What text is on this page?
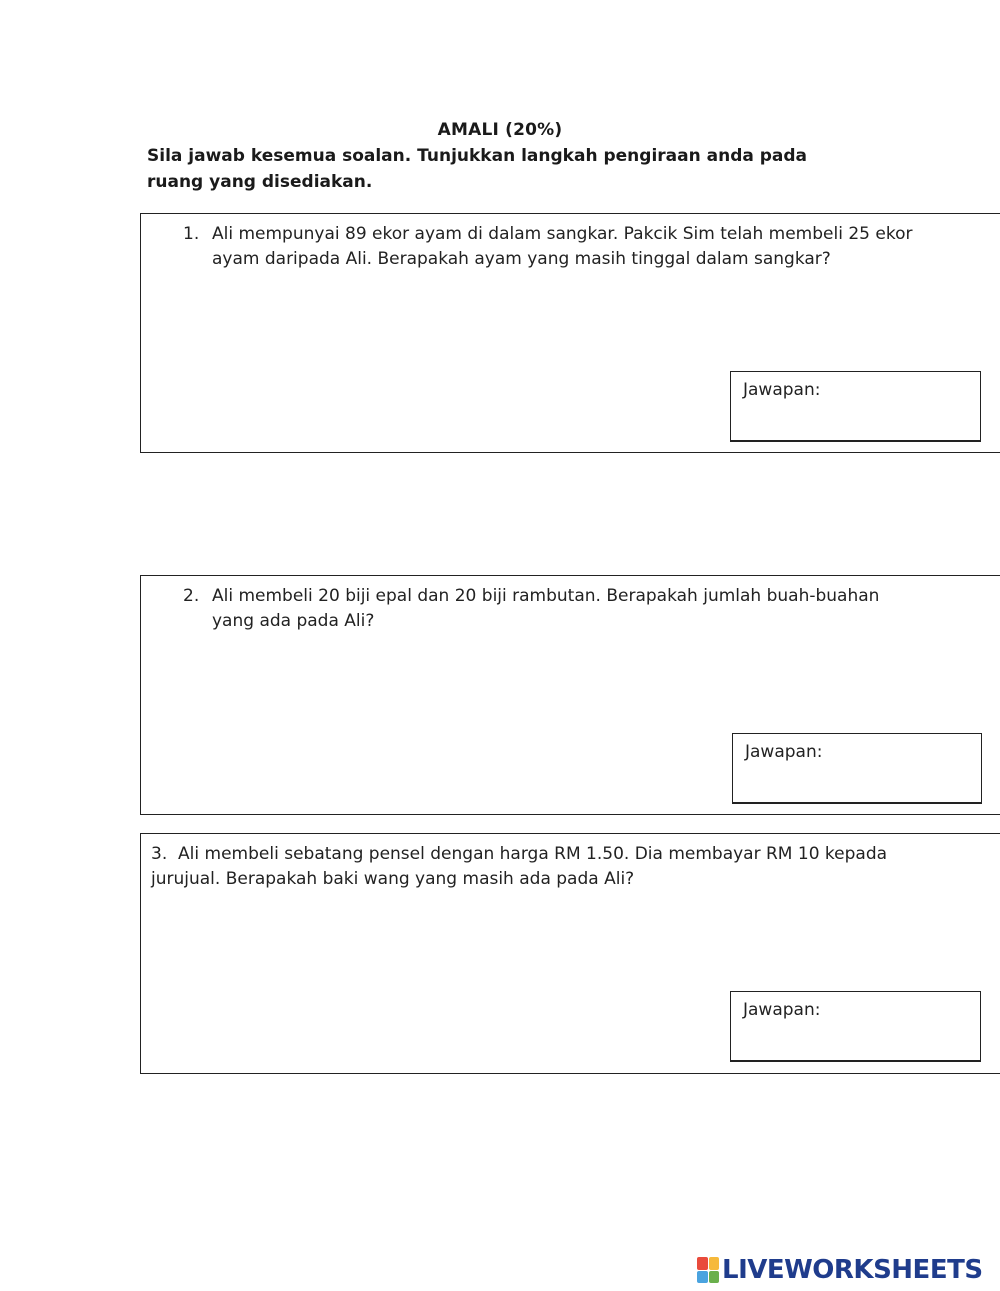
AMALI (20%)
Sila jawab kesemua soalan. Tunjukkan langkah pengiraan anda pada ruang yang disediakan.
1. Ali mempunyai 89 ekor ayam di dalam sangkar. Pakcik Sim telah membeli 25 ekor
ayam daripada Ali. Berapakah ayam yang masih tinggal dalam sangkar?
Jawapan:
2. Ali membeli 20 biji epal dan 20 biji rambutan. Berapakah jumlah buah-buahan
yang ada pada Ali?
Jawapan:
3. Ali membeli sebatang pensel dengan harga RM 1.50. Dia membayar RM 10 kepada
jurujual. Berapakah baki wang yang masih ada pada Ali?
Jawapan:
LIVEWORKSHEETS
